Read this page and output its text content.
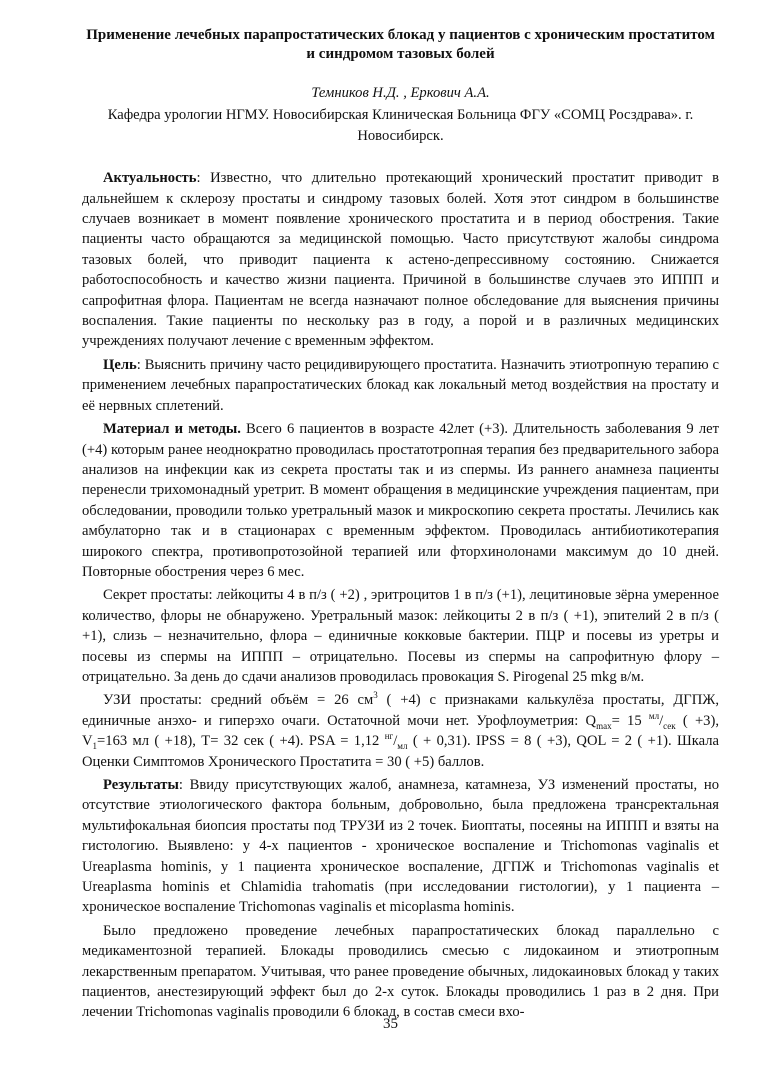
Применение лечебных парапростатических блокад у пациентов с хроническим простатитом и синдромом тазовых болей
Темников Н.Д. , Еркович А.А.
Кафедра урологии НГМУ. Новосибирская Клиническая Больница ФГУ «СОМЦ Росздрава». г. Новосибирск.

Актуальность: Известно, что длительно протекающий хронический простатит приводит в дальнейшем к склерозу простаты и синдрому тазовых болей. Хотя этот синдром в большинстве случаев возникает в момент появление хронического простатита и в период обострения. Такие пациенты часто обращаются за медицинской помощью. Часто присутствуют жалобы синдрома тазовых болей, что приводит пациента к астено-депрессивному состоянию. Снижается работоспособность и качество жизни пациента. Причиной в большинстве случаев это ИППП и сапрофитная флора. Пациентам не всегда назначают полное обследование для выяснения причины воспаления. Такие пациенты по нескольку раз в году, а порой и в различных медицинских учреждениях получают лечение с временным эффектом.

Цель: Выяснить причину часто рецидивирующего простатита. Назначить этиотропную терапию с применением лечебных парапростатических блокад как локальный метод воздействия на простату и её нервных сплетений.

Материал и методы. Всего 6 пациентов в возрасте 42лет (+3). Длительность заболевания 9 лет (+4) которым ранее неоднократно проводилась простатотропная терапия без предварительного забора анализов на инфекции как из секрета простаты так и из спермы. Из раннего анамнеза пациенты перенесли трихомонадный уретрит. В момент обращения в медицинские учреждения пациентам, при обследовании, проводили только уретральный мазок и микроскопию секрета простаты. Лечились как амбулаторно так и в стационарах с временным эффектом. Проводилась антибиотикотерапия широкого спектра, противопротозойной терапией или фторхинолонами максимум до 10 дней. Повторные обострения через 6 мес.

Секрет простаты: лейкоциты 4 в п/з ( +2) , эритроцитов 1 в п/з (+1), лецитиновые зёрна умеренное количество, флоры не обнаружено. Уретральный мазок: лейкоциты 2 в п/з ( +1), эпителий 2 в п/з ( +1), слизь – незначительно, флора – единичные кокковые бактерии. ПЦР и посевы из уретры и посевы из спермы на ИППП – отрицательно. Посевы из спермы на сапрофитную флору – отрицательно. За день до сдачи анализов проводилась провокация S. Pirogenal 25 mkg в/м.

УЗИ простаты: средний объём = 26 $см^3$ ( +4) с признаками калькулёза простаты, ДГПЖ, единичные анэхо- и гиперэхо очаги. Остаточной мочи нет. Урофлоуметрия: $Q_{max}= 15$ $^{мл}/_{сек}$ ( +3), $V_1=163$ мл ( +18), T= 32 сек ( +4). PSA = 1,12 $^{нг}/_{мл}$ ( + 0,31). IPSS = 8 ( +3), QOL = 2 ( +1). Шкала Оценки Симптомов Хронического Простатита = 30 ( +5) баллов.

Результаты: Ввиду присутствующих жалоб, анамнеза, катамнеза, УЗ изменений простаты, но отсутствие этиологического фактора больным, добровольно, была предложена трансректальная мультифокальная биопсия простаты под ТРУЗИ из 2 точек. Биоптаты, посеяны на ИППП и взяты на гистологию. Выявлено: у 4-х пациентов - хроническое воспаление и Trichomonas vaginalis et Ureaplasma hominis, у 1 пациента хроническое воспаление, ДГПЖ и Trichomonas vaginalis et Ureaplasma hominis et Chlamidia trahomatis (при исследовании гистологии), у 1 пациента – хроническое воспаление Trichomonas vaginalis et micoplasma hominis.

Было предложено проведение лечебных парапростатических блокад параллельно с медикаментозной терапией. Блокады проводились смесью с лидокаином и этиотропным лекарственным препаратом. Учитывая, что ранее проведение обычных, лидокаиновых блокад у таких пациентов, анестезирующий эффект был до 2-х суток. Блокады проводились 1 раз в 2 дня. При лечении Trichomonas vaginalis проводили 6 блокад, в состав смеси вхо-

35
